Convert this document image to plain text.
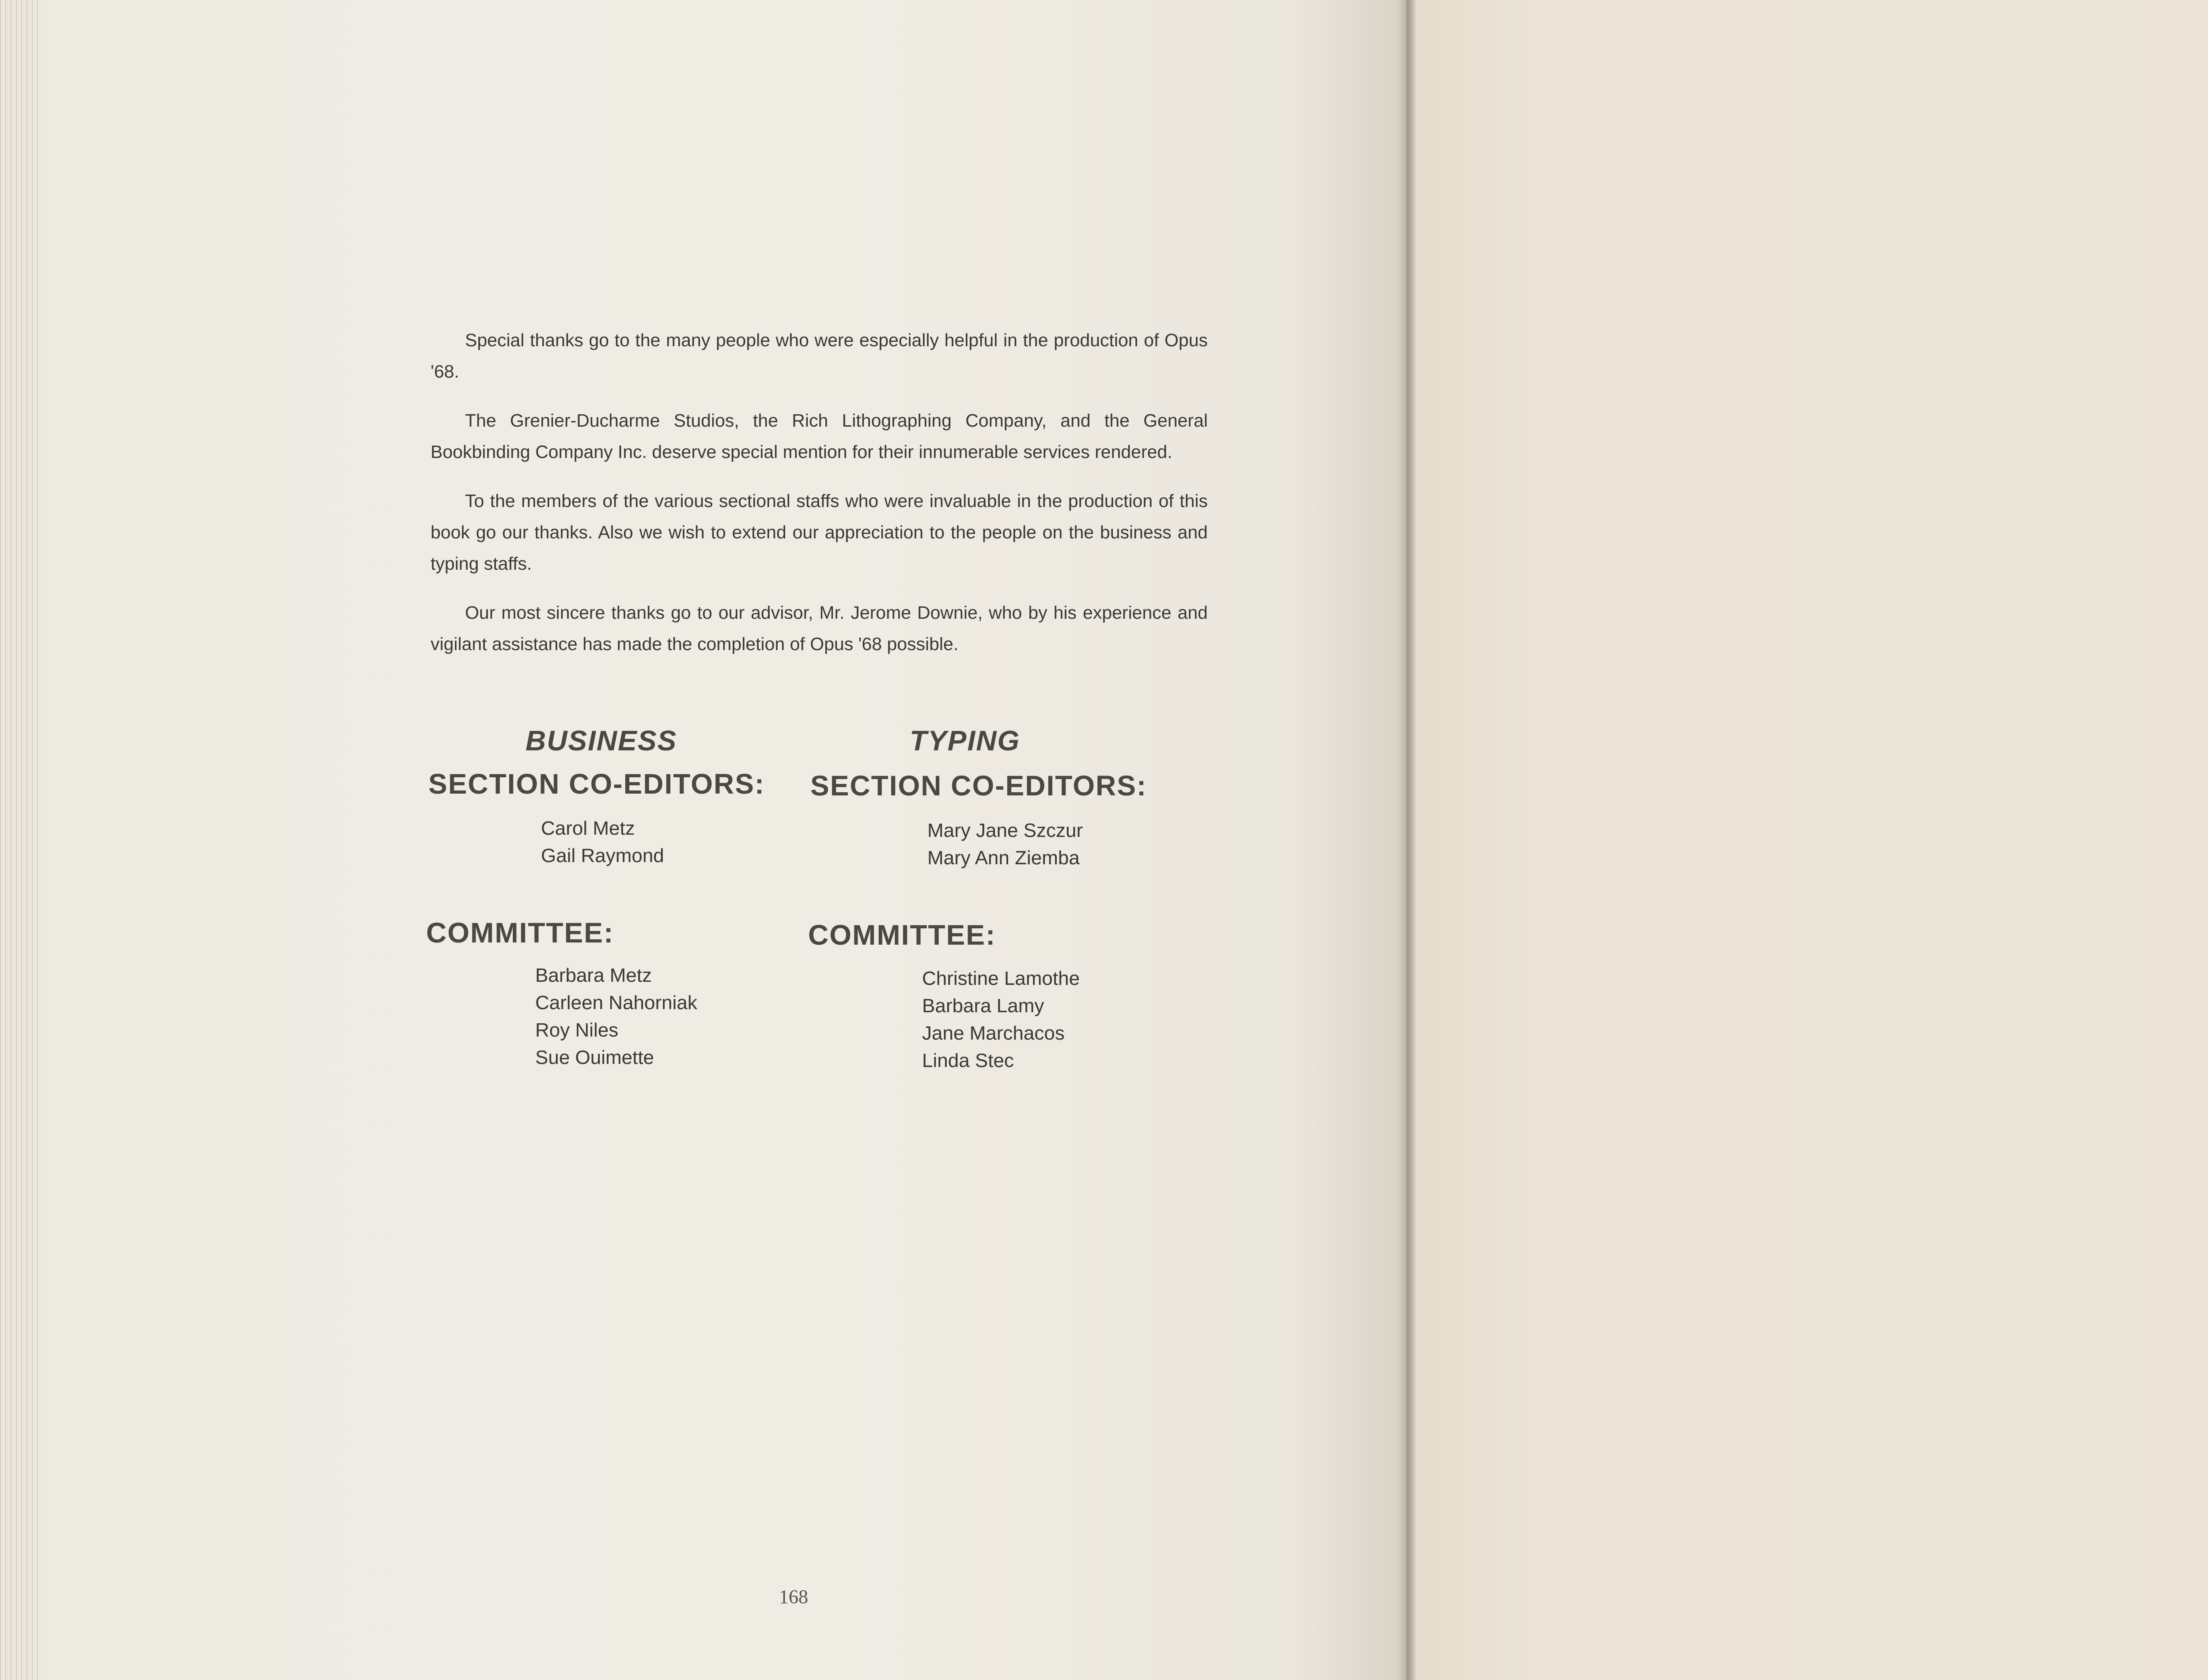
Special thanks go to the many people who were especially helpful in the production of Opus '68.

The Grenier-Ducharme Studios, the Rich Lithographing Company, and the General Bookbinding Company Inc. deserve special mention for their innumerable services rendered.

To the members of the various sectional staffs who were invaluable in the production of this book go our thanks. Also we wish to extend our appreciation to the people on the business and typing staffs.

Our most sincere thanks go to our advisor, Mr. Jerome Downie, who by his experience and vigilant assistance has made the completion of Opus '68 possible.

BUSINESS
SECTION CO-EDITORS:
Carol Metz
Gail Raymond
COMMITTEE:
Barbara Metz
Carleen Nahorniak
Roy Niles
Sue Ouimette
TYPING
SECTION CO-EDITORS:
Mary Jane Szczur
Mary Ann Ziemba
COMMITTEE:
Christine Lamothe
Barbara Lamy
Jane Marchacos
Linda Stec
168
